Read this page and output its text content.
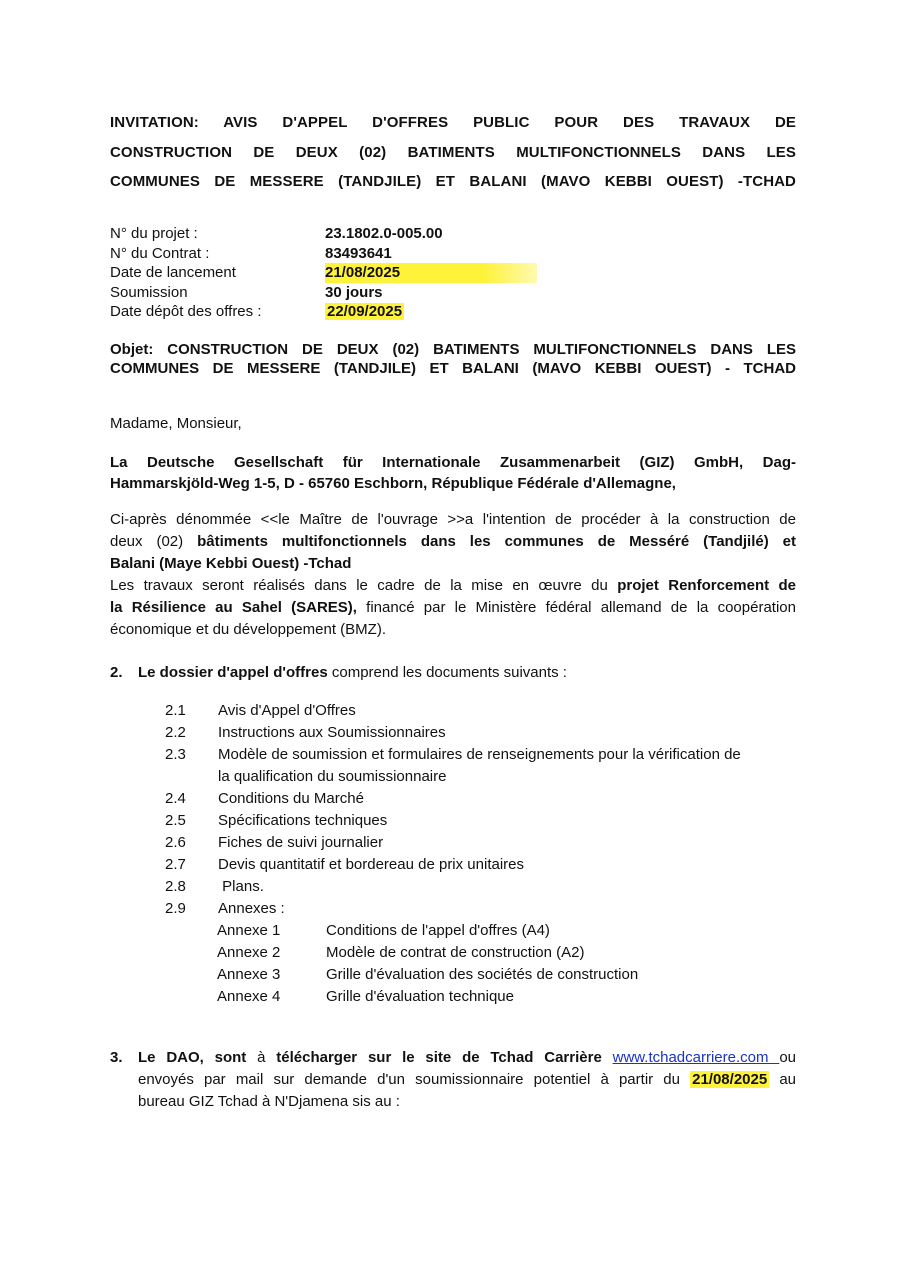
INVITATION: AVIS D'APPEL D'OFFRES PUBLIC POUR DES TRAVAUX DE
CONSTRUCTION DE DEUX (02) BATIMENTS MULTIFONCTIONNELS DANS LES
COMMUNES DE MESSERE (TANDJILE) ET BALANI (MAVO KEBBI OUEST) -TCHAD
N° du projet :	23.1802.0-005.00
N° du Contrat :	83493641
Date de lancement	21/08/2025
Soumission	30 jours
Date dépôt des offres :	22/09/2025
Objet: CONSTRUCTION DE DEUX (02) BATIMENTS MULTIFONCTIONNELS DANS LES
COMMUNES DE MESSERE (TANDJILE) ET BALANI (MAVO KEBBI OUEST) - TCHAD
Madame, Monsieur,
La Deutsche Gesellschaft für Internationale Zusammenarbeit (GIZ) GmbH, Dag-
Hammarskjöld-Weg 1-5, D - 65760 Eschborn, République Fédérale d'Allemagne,
Ci-après dénommée <<le Maître de l'ouvrage >>a l'intention de procéder à la construction de
deux (02) bâtiments multifonctionnels dans les communes de Messéré (Tandjilé) et
Balani (Maye Kebbi Ouest) -Tchad
Les travaux seront réalisés dans le cadre de la mise en œuvre du projet Renforcement de
la Résilience au Sahel (SARES), financé par le Ministère fédéral allemand de la coopération
économique et du développement (BMZ).
2. Le dossier d'appel d'offres comprend les documents suivants :
2.1 Avis d'Appel d'Offres
2.2 Instructions aux Soumissionnaires
2.3 Modèle de soumission et formulaires de renseignements pour la vérification de
la qualification du soumissionnaire
2.4 Conditions du Marché
2.5 Spécifications techniques
2.6 Fiches de suivi journalier
2.7 Devis quantitatif et bordereau de prix unitaires
2.8 Plans.
2.9 Annexes :
Annexe 1	Conditions de l'appel d'offres (A4)
Annexe 2	Modèle de contrat de construction (A2)
Annexe 3	Grille d'évaluation des sociétés de construction
Annexe 4	Grille d'évaluation technique
3. Le DAO, sont à télécharger sur le site de Tchad Carrière www.tchadcarriere.com ou
envoyés par mail sur demande d'un soumissionnaire potentiel à partir du 21/08/2025 au
bureau GIZ Tchad à N'Djamena sis au :
